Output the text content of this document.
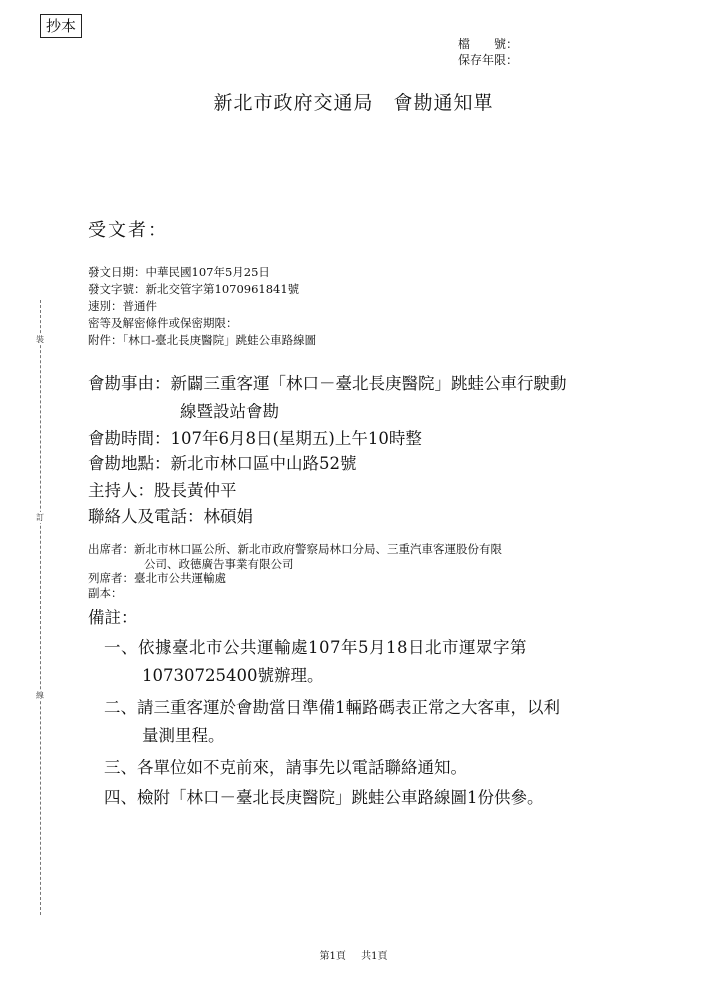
裝
訂
線
抄本
檔　　號：
保存年限：
新北市政府交通局　會勘通知單
受文者：
發文日期：中華民國107年5月25日
發文字號：新北交管字第1070961841號
速別：普通件
密等及解密條件或保密期限：
附件：「林口-臺北長庚醫院」跳蛙公車路線圖
會勘事由：新闢三重客運「林口－臺北長庚醫院」跳蛙公車行駛動
線暨設站會勘
會勘時間：107年6月8日(星期五)上午10時整
會勘地點：新北市林口區中山路52號
主持人：股長黃仲平
聯絡人及電話：林碩娟
出席者：新北市林口區公所、新北市政府警察局林口分局、三重汽車客運股份有限
公司、政德廣告事業有限公司
列席者：臺北市公共運輸處
副本：
備註：
一、依據臺北市公共運輸處107年5月18日北市運眾字第
10730725400號辦理。
二、請三重客運於會勘當日準備1輛路碼表正常之大客車，以利
量測里程。
三、各單位如不克前來，請事先以電話聯絡通知。
四、檢附「林口－臺北長庚醫院」跳蛙公車路線圖1份供參。
第1頁 共1頁
